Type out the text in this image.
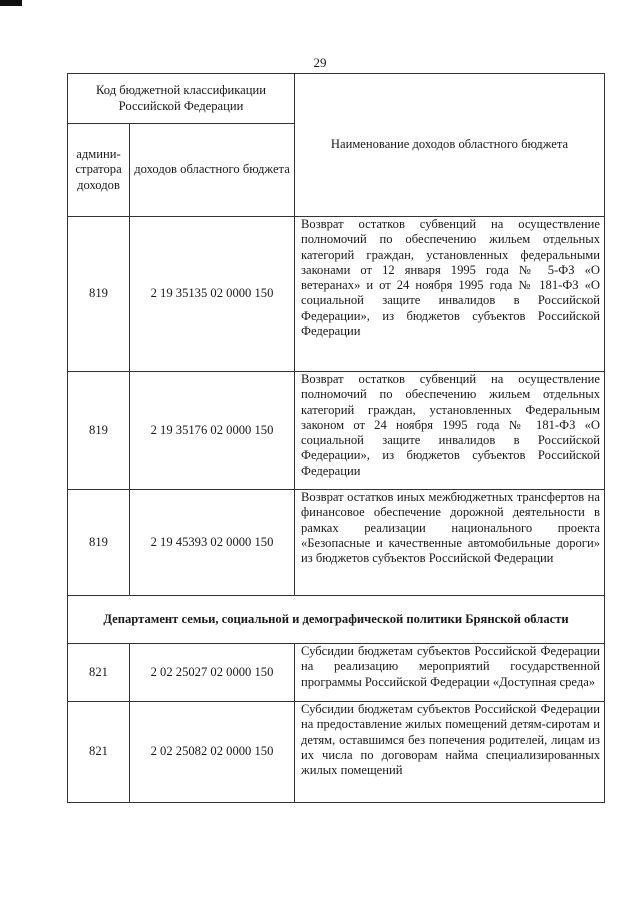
29
Код бюджетной классификации Российской Федерации		Наименование доходов областного бюджета
админи-стратора доходов	доходов областного бюджета	
819	2 19 35135 02 0000 150	Возврат остатков субвенций на осуществление полномочий по обеспечению жильем отдельных категорий граждан, установленных федеральными законами от 12 января 1995 года № 5-ФЗ «О ветеранах» и от 24 ноября 1995 года № 181-ФЗ «О социальной защите инвалидов в Российской Федерации», из бюджетов субъектов Российской Федерации
819	2 19 35176 02 0000 150	Возврат остатков субвенций на осуществление полномочий по обеспечению жильем отдельных категорий граждан, установленных Федеральным законом от 24 ноября 1995 года № 181-ФЗ «О социальной защите инвалидов в Российской Федерации», из бюджетов субъектов Российской Федерации
819	2 19 45393 02 0000 150	Возврат остатков иных межбюджетных трансфертов на финансовое обеспечение дорожной деятельности в рамках реализации национального проекта «Безопасные и качественные автомобильные дороги» из бюджетов субъектов Российской Федерации
Департамент семьи, социальной и демографической политики Брянской области		
821	2 02 25027 02 0000 150	Субсидии бюджетам субъектов Российской Федерации на реализацию мероприятий государственной программы Российской Федерации «Доступная среда»
821	2 02 25082 02 0000 150	Субсидии бюджетам субъектов Российской Федерации на предоставление жилых помещений детям-сиротам и детям, оставшимся без попечения родителей, лицам из их числа по договорам найма специализированных жилых помещений
